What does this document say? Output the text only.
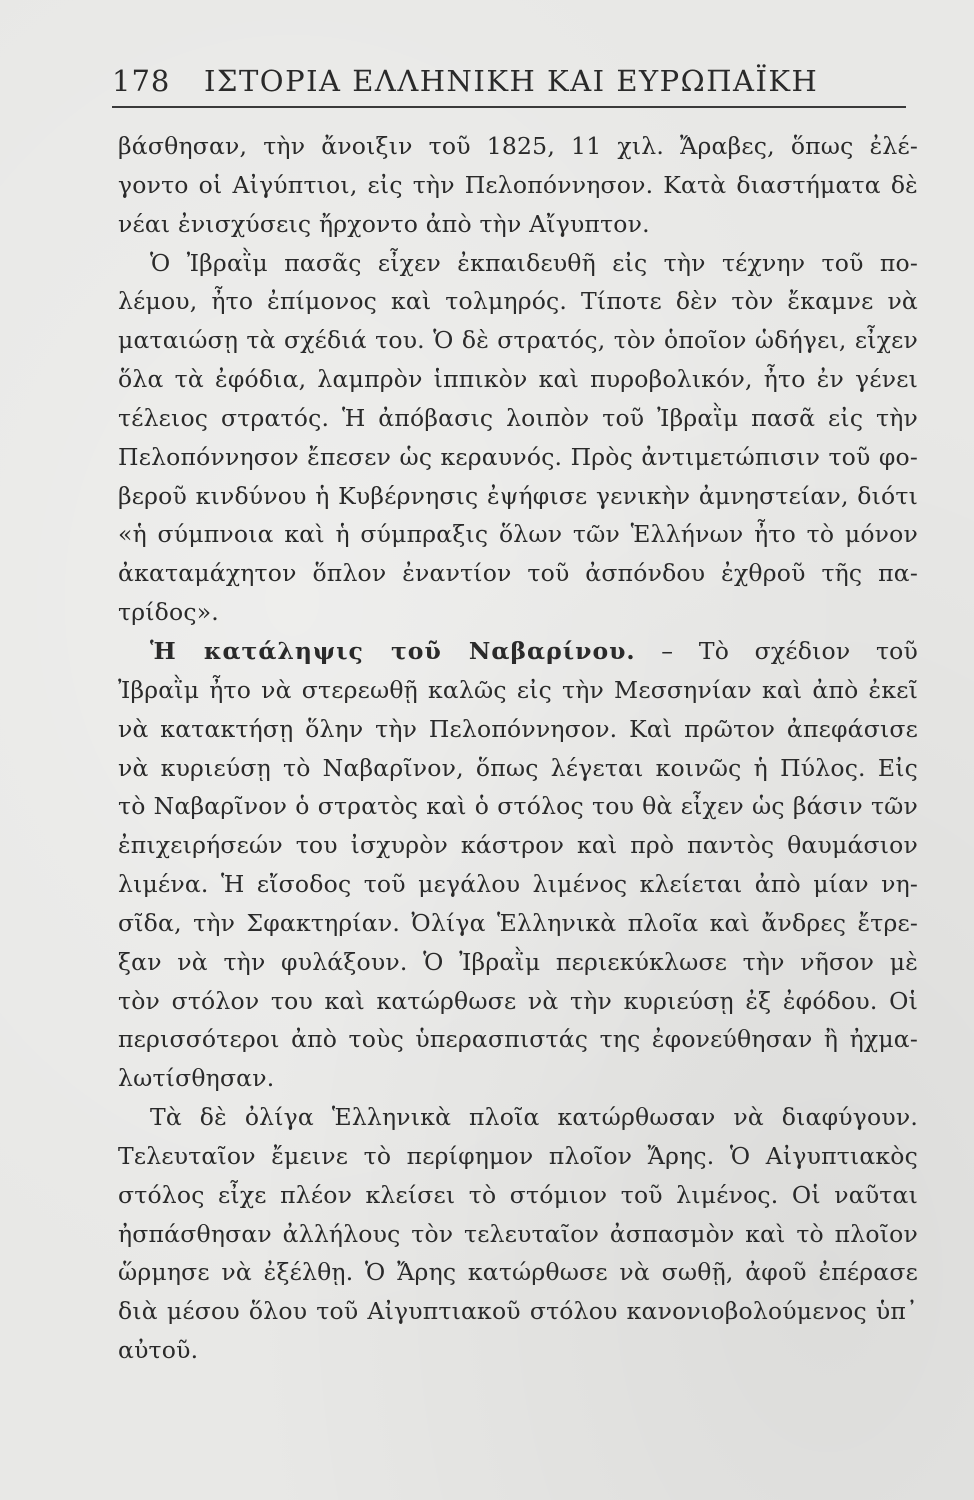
178 ΙΣΤΟΡΙΑ ΕΛΛΗΝΙΚΗ ΚΑΙ ΕΥΡΩΠΑΪΚΗ
βάσθησαν, τὴν ἄνοιξιν τοῦ 1825, 11 χιλ. Ἄραβες, ὅπως ἐλέ-
γοντο οἱ Αἰγύπτιοι, εἰς τὴν Πελοπόννησον. Κατὰ διαστήματα δὲ
νέαι ἐνισχύσεις ἤρχοντο ἀπὸ τὴν Αἴγυπτον.
Ὁ Ἰβραῒμ πασᾶς εἶχεν ἐκπαιδευθῆ εἰς τὴν τέχνην τοῦ πο-
λέμου, ἦτο ἐπίμονος καὶ τολμηρός. Τίποτε δὲν τὸν ἔκαμνε νὰ
ματαιώσῃ τὰ σχέδιά του. Ὁ δὲ στρατός, τὸν ὁποῖον ὡδήγει, εἶχεν
ὅλα τὰ ἐφόδια, λαμπρὸν ἱππικὸν καὶ πυροβολικόν, ἦτο ἐν γένει
τέλειος στρατός. Ἡ ἀπόβασις λοιπὸν τοῦ Ἰβραῒμ πασᾶ εἰς τὴν
Πελοπόννησον ἔπεσεν ὡς κεραυνός. Πρὸς ἀντιμετώπισιν τοῦ φο-
βεροῦ κινδύνου ἡ Κυβέρνησις ἐψήφισε γενικὴν ἀμνηστείαν, διότι
«ἡ σύμπνοια καὶ ἡ σύμπραξις ὅλων τῶν Ἑλλήνων ἦτο τὸ μόνον
ἀκαταμάχητον ὅπλον ἐναντίον τοῦ ἀσπόνδου ἐχθροῦ τῆς πα-
τρίδος».
Ἡ κατάληψις τοῦ Ναβαρίνου. – Τὸ σχέδιον τοῦ
Ἰβραῒμ ἦτο νὰ στερεωθῇ καλῶς εἰς τὴν Μεσσηνίαν καὶ ἀπὸ ἐκεῖ
νὰ κατακτήσῃ ὅλην τὴν Πελοπόννησον. Καὶ πρῶτον ἀπεφάσισε
νὰ κυριεύσῃ τὸ Ναβαρῖνον, ὅπως λέγεται κοινῶς ἡ Πύλος. Εἰς
τὸ Ναβαρῖνον ὁ στρατὸς καὶ ὁ στόλος του θὰ εἶχεν ὡς βάσιν τῶν
ἐπιχειρήσεών του ἰσχυρὸν κάστρον καὶ πρὸ παντὸς θαυμάσιον
λιμένα. Ἡ εἴσοδος τοῦ μεγάλου λιμένος κλείεται ἀπὸ μίαν νη-
σῖδα, τὴν Σφακτηρίαν. Ὀλίγα Ἑλληνικὰ πλοῖα καὶ ἄνδρες ἔτρε-
ξαν νὰ τὴν φυλάξουν. Ὁ Ἰβραῒμ περιεκύκλωσε τὴν νῆσον μὲ
τὸν στόλον του καὶ κατώρθωσε νὰ τὴν κυριεύσῃ ἐξ ἐφόδου. Οἱ
περισσότεροι ἀπὸ τοὺς ὑπερασπιστάς της ἐφονεύθησαν ἢ ἠχμα-
λωτίσθησαν.
Τὰ δὲ ὀλίγα Ἑλληνικὰ πλοῖα κατώρθωσαν νὰ διαφύγουν.
Τελευταῖον ἔμεινε τὸ περίφημον πλοῖον Ἄρης. Ὁ Αἰγυπτιακὸς
στόλος εἶχε πλέον κλείσει τὸ στόμιον τοῦ λιμένος. Οἱ ναῦται
ἠσπάσθησαν ἀλλήλους τὸν τελευταῖον ἀσπασμὸν καὶ τὸ πλοῖον
ὥρμησε νὰ ἐξέλθῃ. Ὁ Ἄρης κατώρθωσε νὰ σωθῇ, ἀφοῦ ἐπέρασε
διὰ μέσου ὅλου τοῦ Αἰγυπτιακοῦ στόλου κανονιοβολούμενος ὑπ᾽
αὐτοῦ.
